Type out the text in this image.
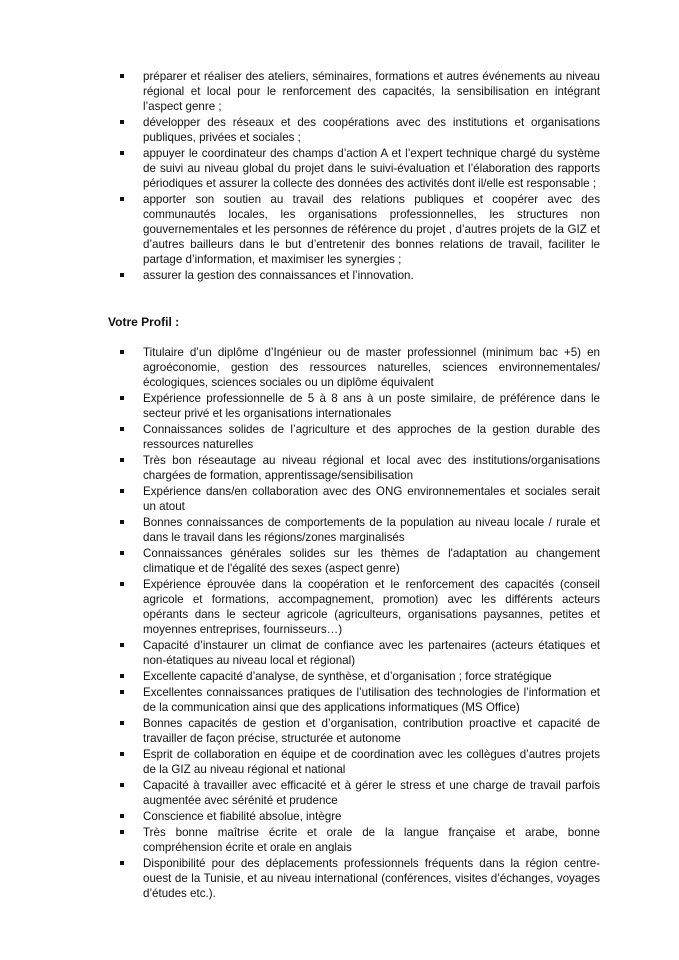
préparer et réaliser des ateliers, séminaires, formations et autres événements au niveau régional et local pour le renforcement des capacités, la sensibilisation en intégrant l’aspect genre ;
développer des réseaux et des coopérations avec des institutions et organisations publiques, privées et sociales ;
appuyer le coordinateur des champs d’action A et l’expert technique chargé du système de suivi au niveau global du projet dans le suivi-évaluation et l’élaboration des rapports périodiques et assurer la collecte des données des activités dont il/elle est responsable ;
apporter son soutien au travail des relations publiques et coopérer avec des communautés locales, les organisations professionnelles, les structures non gouvernementales et les personnes de référence du projet , d’autres projets de la GIZ et d’autres bailleurs dans le but d’entretenir des bonnes relations de travail, faciliter le partage d’information, et maximiser les synergies ;
assurer la gestion des connaissances et l’innovation.
Votre Profil :
Titulaire d’un diplôme d’Ingénieur ou de master professionnel (minimum bac +5) en agroéconomie, gestion des ressources naturelles, sciences environnementales/écologiques, sciences sociales ou un diplôme équivalent
Expérience professionnelle de 5 à 8 ans à un poste similaire, de préférence dans le secteur privé et les organisations internationales
Connaissances solides de l’agriculture et des approches de la gestion durable des ressources naturelles
Très bon réseautage au niveau régional et local avec des institutions/organisations chargées de formation, apprentissage/sensibilisation
Expérience dans/en collaboration avec des ONG environnementales et sociales serait un atout
Bonnes connaissances de comportements de la population au niveau locale / rurale et dans le travail dans les régions/zones marginalisés
Connaissances générales solides sur les thèmes de l'adaptation au changement climatique et de l'égalité des sexes (aspect genre)
Expérience éprouvée dans la coopération et le renforcement des capacités (conseil agricole et formations, accompagnement, promotion) avec les différents acteurs opérants dans le secteur agricole (agriculteurs, organisations paysannes, petites et moyennes entreprises, fournisseurs…)
Capacité d’instaurer un climat de confiance avec les partenaires (acteurs étatiques et non-étatiques au niveau local et régional)
Excellente capacité d’analyse, de synthèse, et d’organisation ; force stratégique
Excellentes connaissances pratiques de l’utilisation des technologies de l’information et de la communication ainsi que des applications informatiques (MS Office)
Bonnes capacités de gestion et d’organisation, contribution proactive et capacité de travailler de façon précise, structurée et autonome
Esprit de collaboration en équipe et de coordination avec les collègues d’autres projets de la GIZ au niveau régional et national
Capacité à travailler avec efficacité et à gérer le stress et une charge de travail parfois augmentée avec sérénité et prudence
Conscience et fiabilité absolue, intègre
Très bonne maîtrise écrite et orale de la langue française et arabe, bonne compréhension écrite et orale en anglais
Disponibilité pour des déplacements professionnels fréquents dans la région centre-ouest de la Tunisie, et au niveau international (conférences, visites d’échanges, voyages d’études etc.).
